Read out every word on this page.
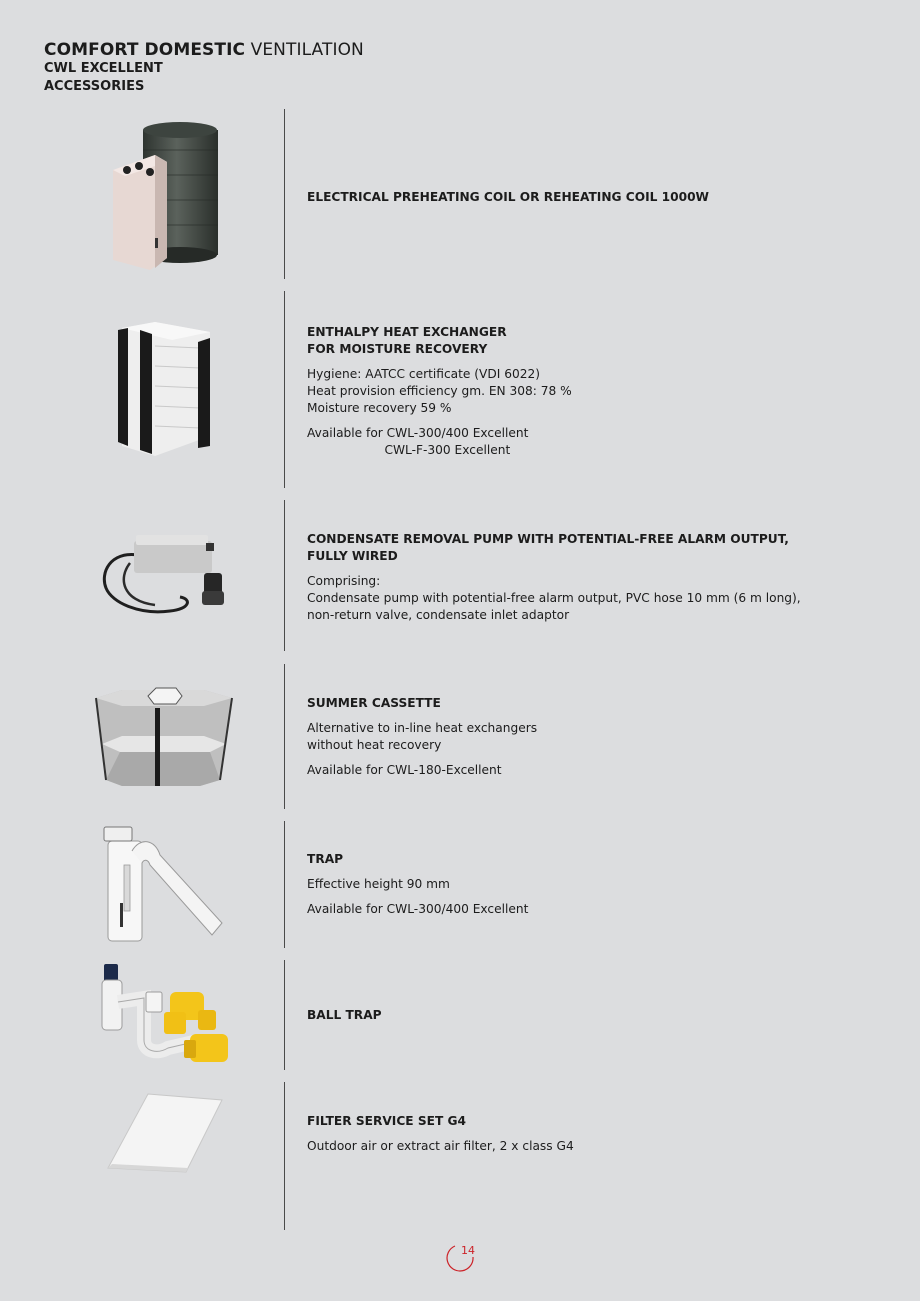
COMFORT DOMESTIC VENTILATION
CWL EXCELLENT
ACCESSORIES
ELECTRICAL PREHEATING COIL OR REHEATING COIL 1000W
ENTHALPY HEAT EXCHANGER
FOR MOISTURE RECOVERY
Hygiene: AATCC certificate (VDI 6022)
Heat provision efficiency gm. EN 308: 78 %
Moisture recovery 59 %
Available for CWL-300/400 Excellent
CWL-F-300 Excellent
CONDENSATE REMOVAL PUMP WITH POTENTIAL-FREE ALARM OUTPUT,
FULLY WIRED
Comprising:
Condensate pump with potential-free alarm output, PVC hose 10 mm (6 m long),
non-return valve, condensate inlet adaptor
SUMMER CASSETTE
Alternative to in-line heat exchangers
without heat recovery
Available for CWL-180-Excellent
TRAP
Effective height 90 mm
Available for CWL-300/400 Excellent
BALL TRAP
FILTER SERVICE SET G4
Outdoor air or extract air filter, 2 x class G4
14
